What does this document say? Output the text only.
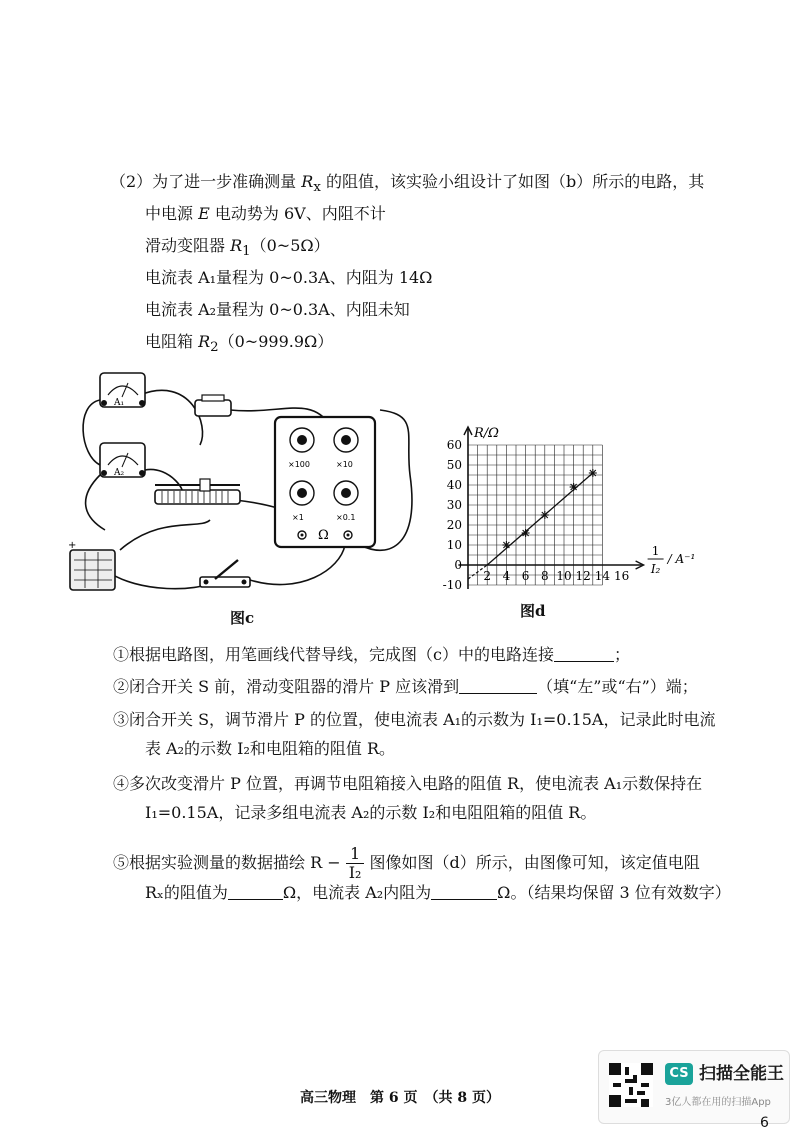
（2）为了进一步准确测量 $R_x$ 的阻值，该实验小组设计了如图（b）所示的电路，其
中电源 E 电动势为 6V、内阻不计
滑动变阻器 $R_1(0\sim 5\Omega)$
电流表 A₁量程为 0~0.3A、内阻为 14Ω
电流表 A₂量程为 0~0.3A、内阻未知
电阻箱 $R_2(0\sim 999.9\Omega)$
A₁
A₂
+
×100	×10
×1	×0.1
Ω
图c
-10
0
10
20
30
40
50
60
2 4 6 8 10 12 14 16
R/Ω
1
I₂
/ A⁻¹
图d
①根据电路图，用笔画线代替导线，完成图（c）中的电路连接	；
②闭合开关 S 前，滑动变阻器的滑片 P 应该滑到	（填“左”或“右”）端；
③闭合开关 S，调节滑片 P 的位置，使电流表 A₁的示数为 I₁=0.15A，记录此时电流
表 A₂的示数 I₂和电阻箱的阻值 R。
④多次改变滑片 P 位置，再调节电阻箱接入电路的阻值 R，使电流表 A₁示数保持在
I₁=0.15A，记录多组电流表 A₂的示数 I₂和电阻阻箱的阻值 R。
⑤根据实验测量的数据描绘 $R - \frac{1}{\text{I₂}}$ 图像如图（d）所示，由图像可知，该定值电阻
Rₓ的阻值为	Ω，电流表 A₂内阻为	Ω。（结果均保留 3 位有效数字）
高三物理　第 6 页　（共 8 页）
CS 扫描全能王
3亿人都在用的扫描App
6
